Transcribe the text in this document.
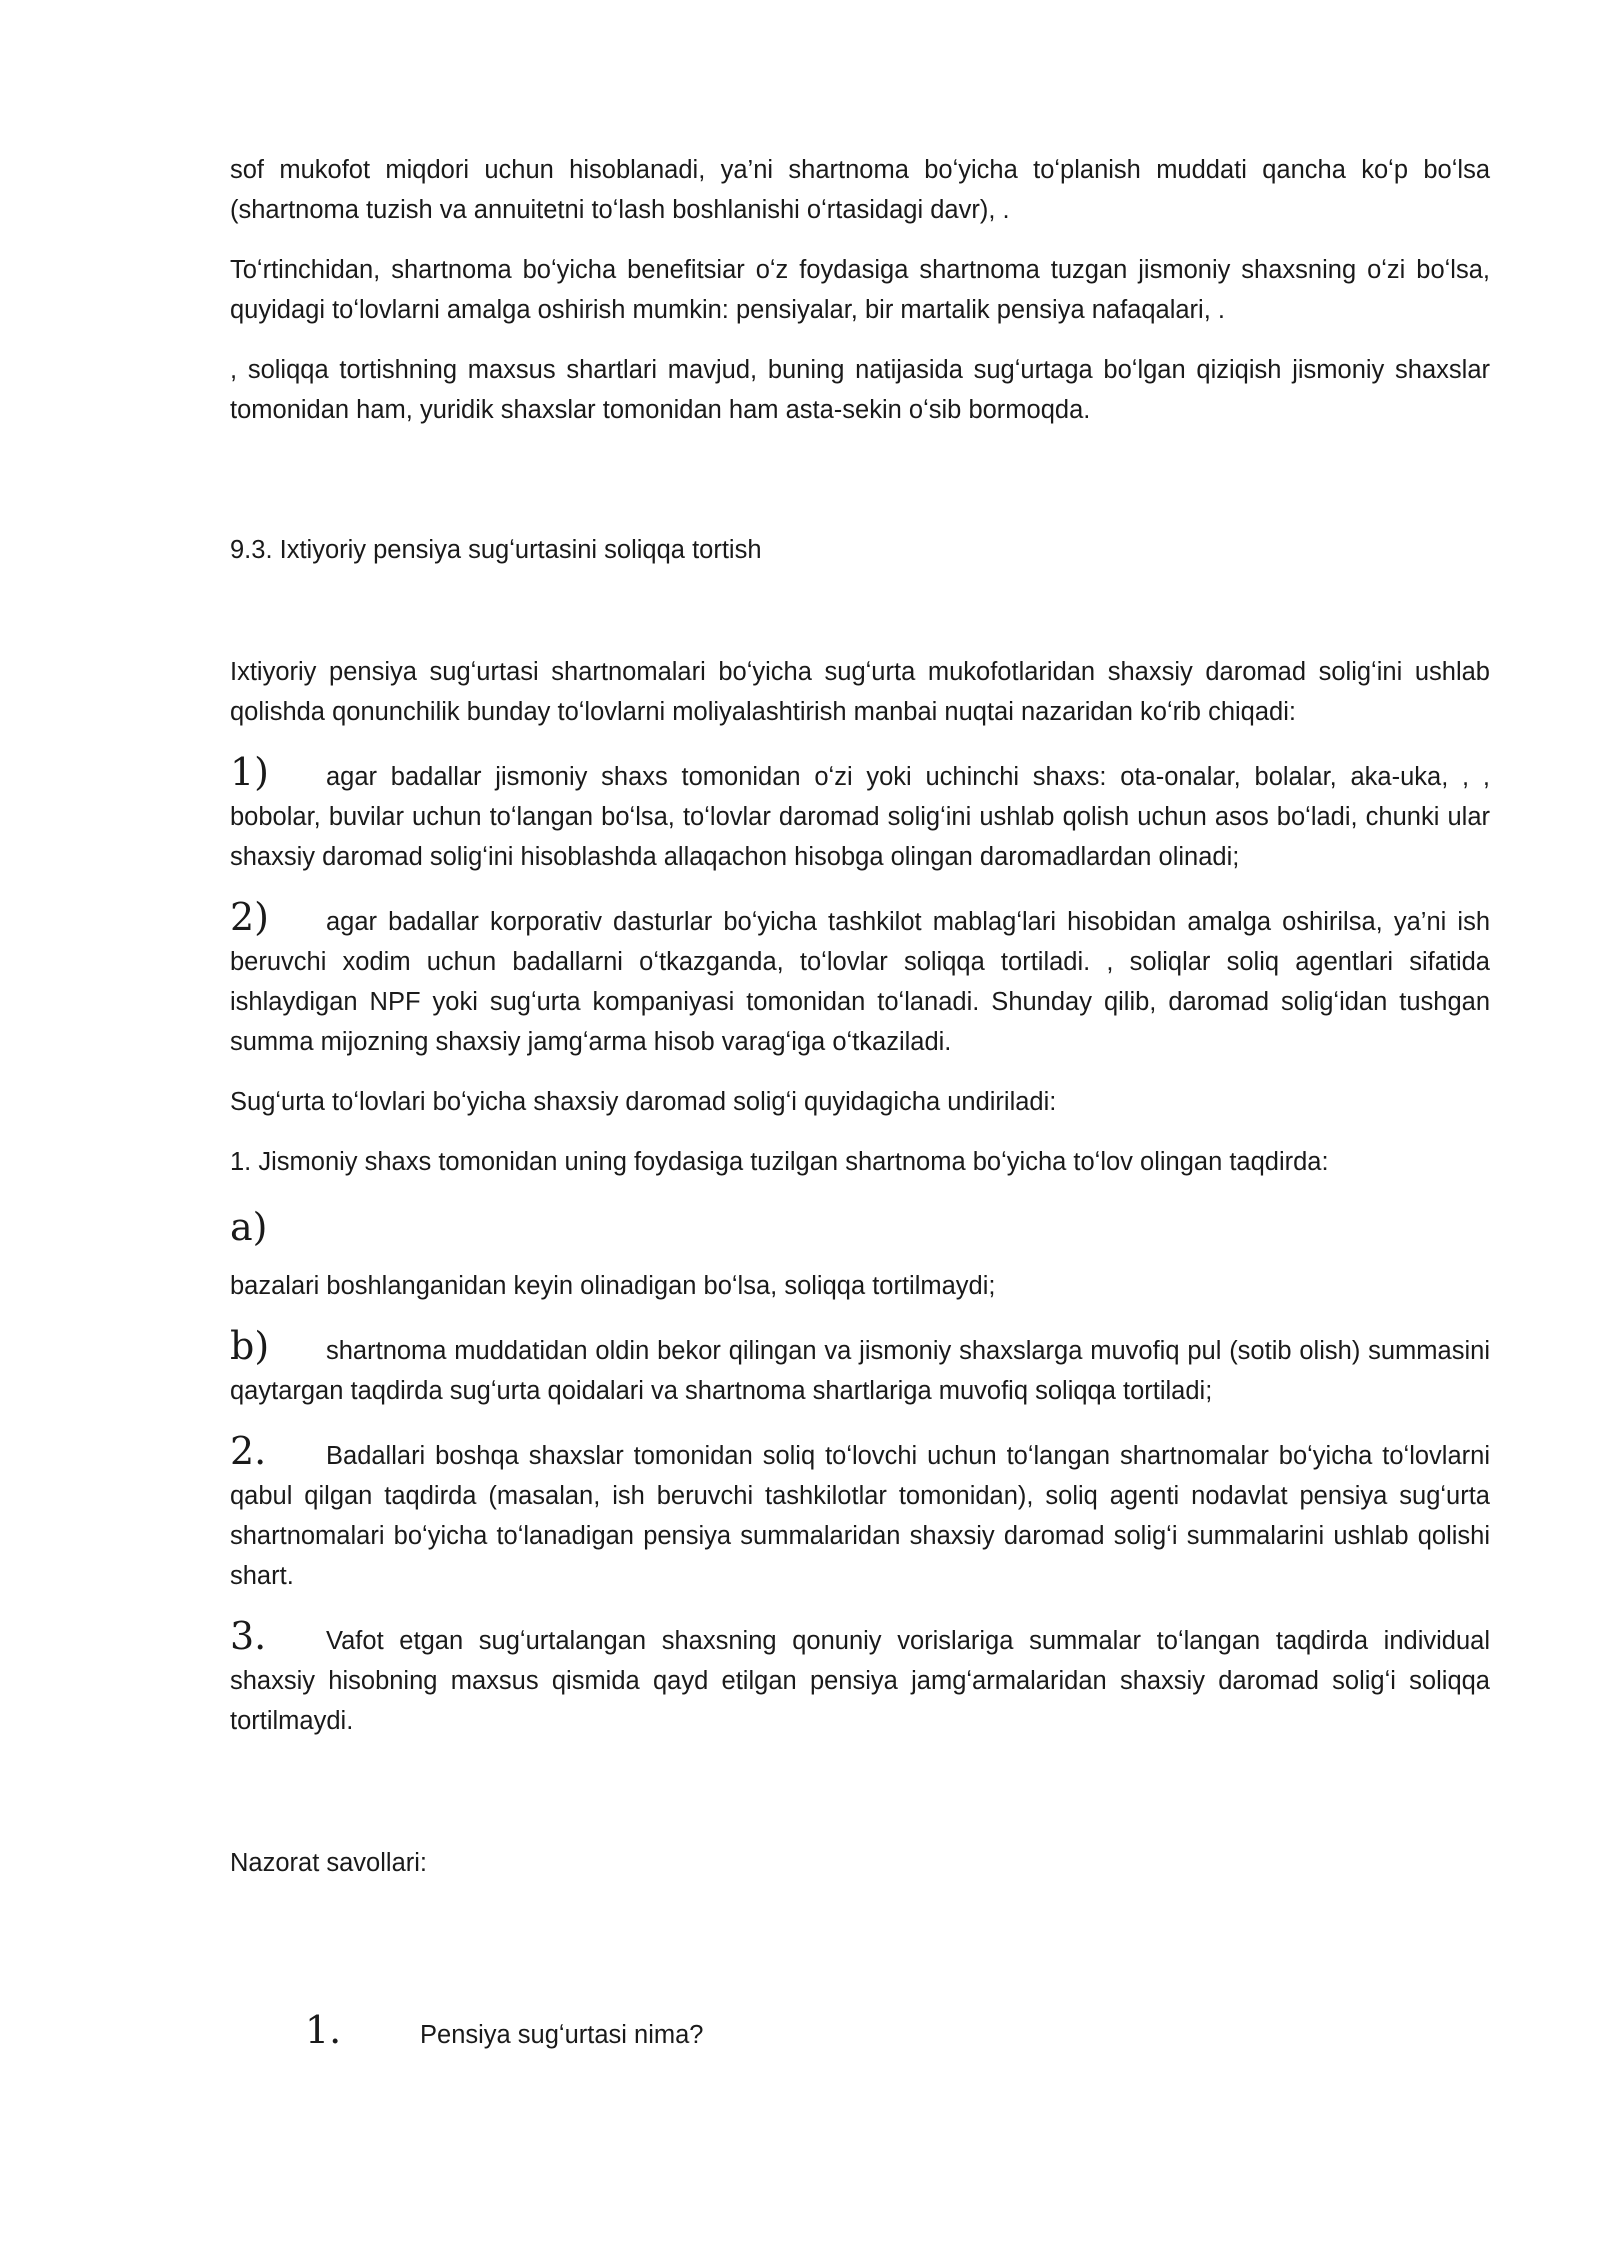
sof mukofot miqdori uchun hisoblanadi, ya’ni shartnoma boʻyicha toʻplanish muddati qancha koʻp boʻlsa (shartnoma tuzish va annuitetni toʻlash boshlanishi oʻrtasidagi davr), .

Toʻrtinchidan, shartnoma boʻyicha benefitsiar oʻz foydasiga shartnoma tuzgan jismoniy shaxsning oʻzi boʻlsa, quyidagi toʻlovlarni amalga oshirish mumkin: pensiyalar, bir martalik pensiya nafaqalari, .

, soliqqa tortishning maxsus shartlari mavjud, buning natijasida sugʻurtaga boʻlgan qiziqish jismoniy shaxslar tomonidan ham, yuridik shaxslar tomonidan ham asta-sekin oʻsib bormoqda.

9.3. Ixtiyoriy pensiya sugʻurtasini soliqqa tortish

Ixtiyoriy pensiya sugʻurtasi shartnomalari boʻyicha sugʻurta mukofotlaridan shaxsiy daromad soligʻini ushlab qolishda qonunchilik bunday toʻlovlarni moliyalashtirish manbai nuqtai nazaridan koʻrib chiqadi:

1) agar badallar jismoniy shaxs tomonidan oʻzi yoki uchinchi shaxs: ota-onalar, bolalar, aka-uka, , , bobolar, buvilar uchun toʻlangan boʻlsa, toʻlovlar daromad soligʻini ushlab qolish uchun asos boʻladi, chunki ular shaxsiy daromad soligʻini hisoblashda allaqachon hisobga olingan daromadlardan olinadi;

2) agar badallar korporativ dasturlar boʻyicha tashkilot mablagʻlari hisobidan amalga oshirilsa, ya’ni ish beruvchi xodim uchun badallarni oʻtkazganda, toʻlovlar soliqqa tortiladi. , soliqlar soliq agentlari sifatida ishlaydigan NPF yoki sugʻurta kompaniyasi tomonidan toʻlanadi. Shunday qilib, daromad soligʻidan tushgan summa mijozning shaxsiy jamgʻarma hisob varagʻiga oʻtkaziladi.

Sugʻurta toʻlovlari boʻyicha shaxsiy daromad soligʻi quyidagicha undiriladi:

1. Jismoniy shaxs tomonidan uning foydasiga tuzilgan shartnoma boʻyicha toʻlov olingan taqdirda:

a)

bazalari boshlanganidan keyin olinadigan boʻlsa, soliqqa tortilmaydi;

b) shartnoma muddatidan oldin bekor qilingan va jismoniy shaxslarga muvofiq pul (sotib olish) summasini qaytargan taqdirda sugʻurta qoidalari va shartnoma shartlariga muvofiq soliqqa tortiladi;

2. Badallari boshqa shaxslar tomonidan soliq toʻlovchi uchun toʻlangan shartnomalar boʻyicha toʻlovlarni qabul qilgan taqdirda (masalan, ish beruvchi tashkilotlar tomonidan), soliq agenti nodavlat pensiya sugʻurta shartnomalari boʻyicha toʻlanadigan pensiya summalaridan shaxsiy daromad soligʻi summalarini ushlab qolishi shart.

3. Vafot etgan sugʻurtalangan shaxsning qonuniy vorislariga summalar toʻlangan taqdirda individual shaxsiy hisobning maxsus qismida qayd etilgan pensiya jamgʻarmalaridan shaxsiy daromad soligʻi soliqqa tortilmaydi.

Nazorat savollari:

1.	Pensiya sugʻurtasi nima?
